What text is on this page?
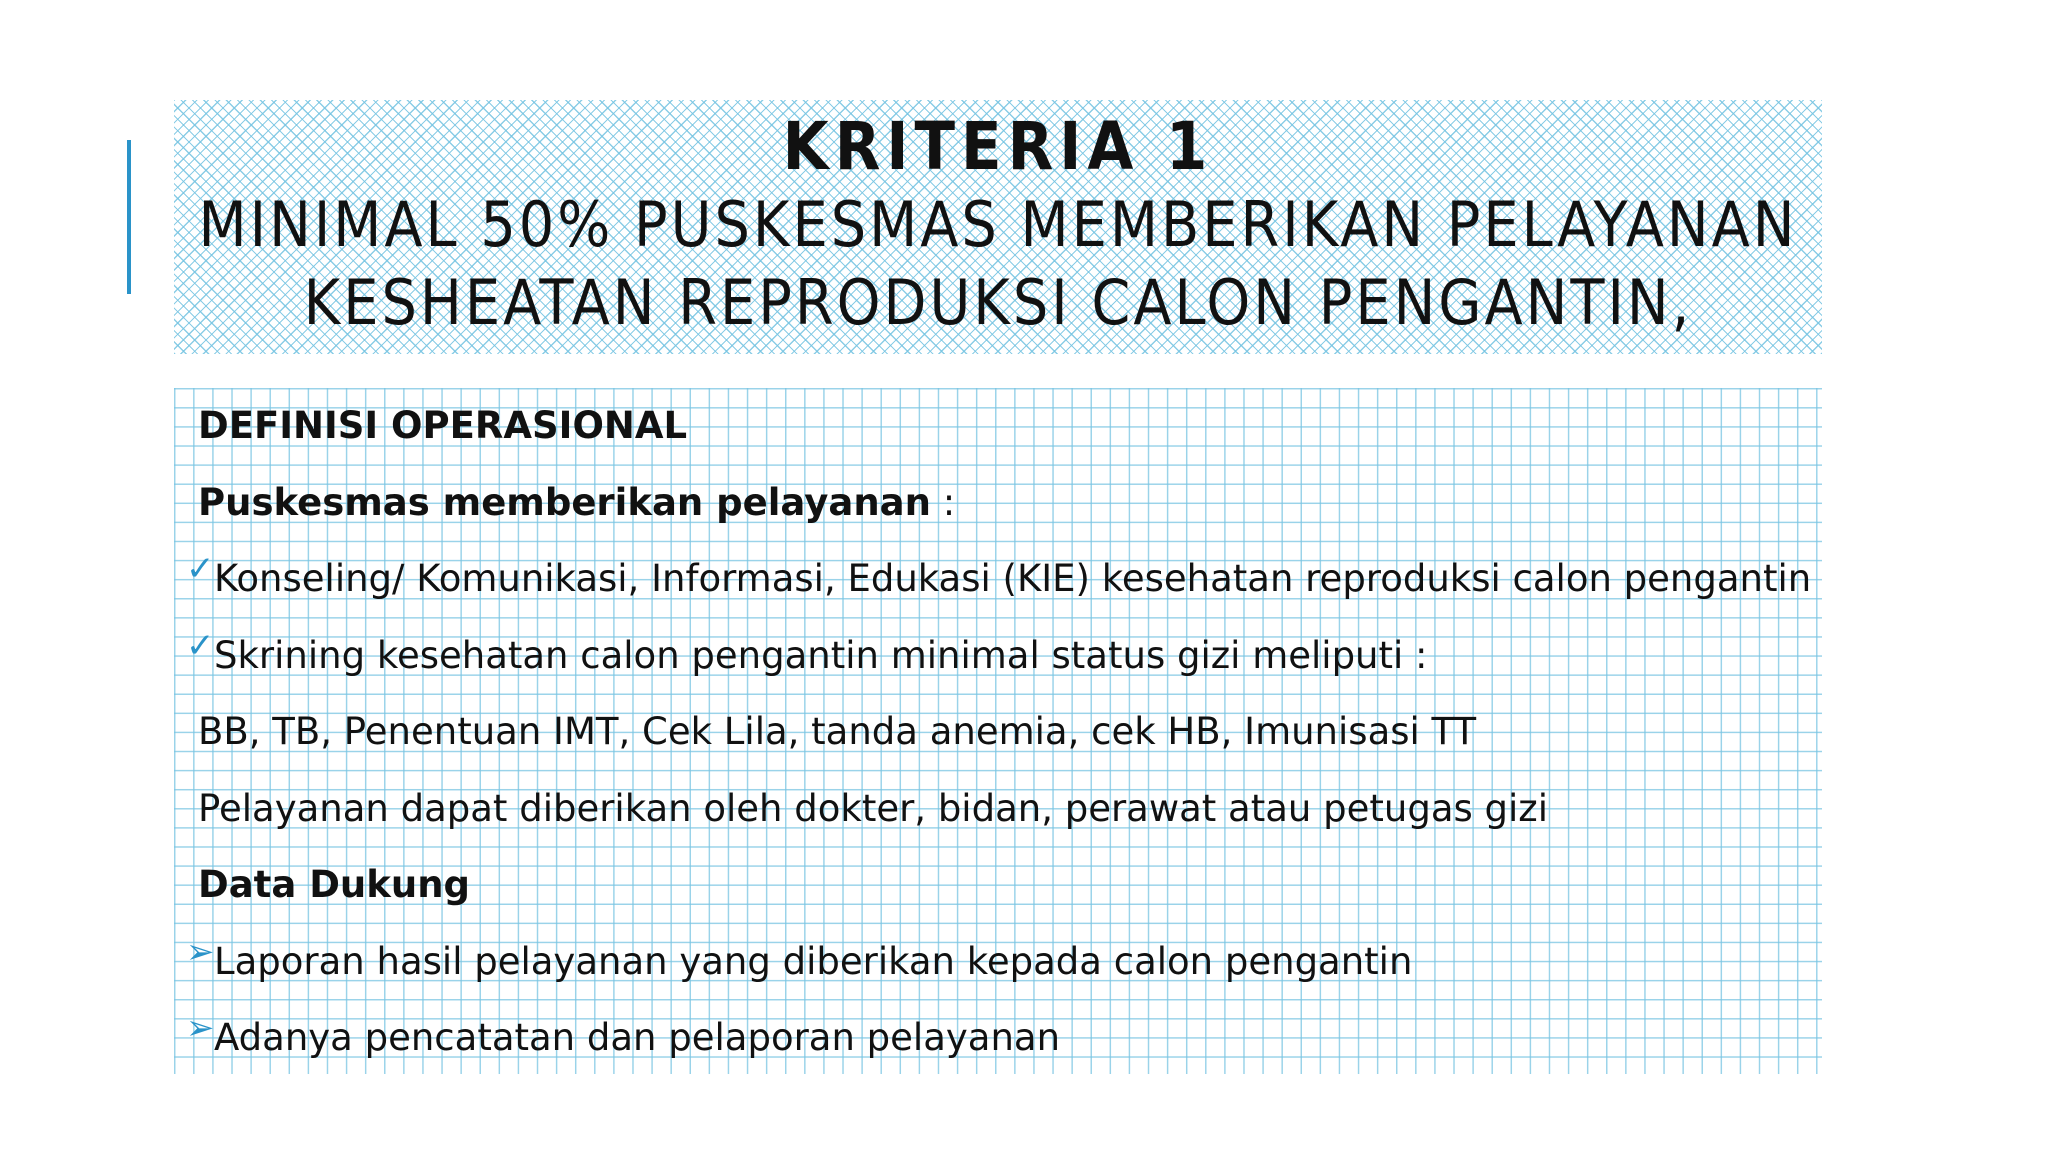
KRITERIA 1
MINIMAL 50% PUSKESMAS MEMBERIKAN PELAYANAN
KESHEATAN REPRODUKSI CALON PENGANTIN,
DEFINISI OPERASIONAL
Puskesmas memberikan pelayanan :
✓ Konseling/ Komunikasi, Informasi, Edukasi (KIE) kesehatan reproduksi calon pengantin
✓ Skrining kesehatan calon pengantin minimal status gizi meliputi :
BB, TB, Penentuan IMT, Cek Lila, tanda anemia, cek HB, Imunisasi TT
Pelayanan dapat diberikan oleh dokter, bidan, perawat atau petugas gizi
Data Dukung
➢ Laporan hasil pelayanan yang diberikan kepada calon pengantin
➢ Adanya pencatatan dan pelaporan pelayanan
